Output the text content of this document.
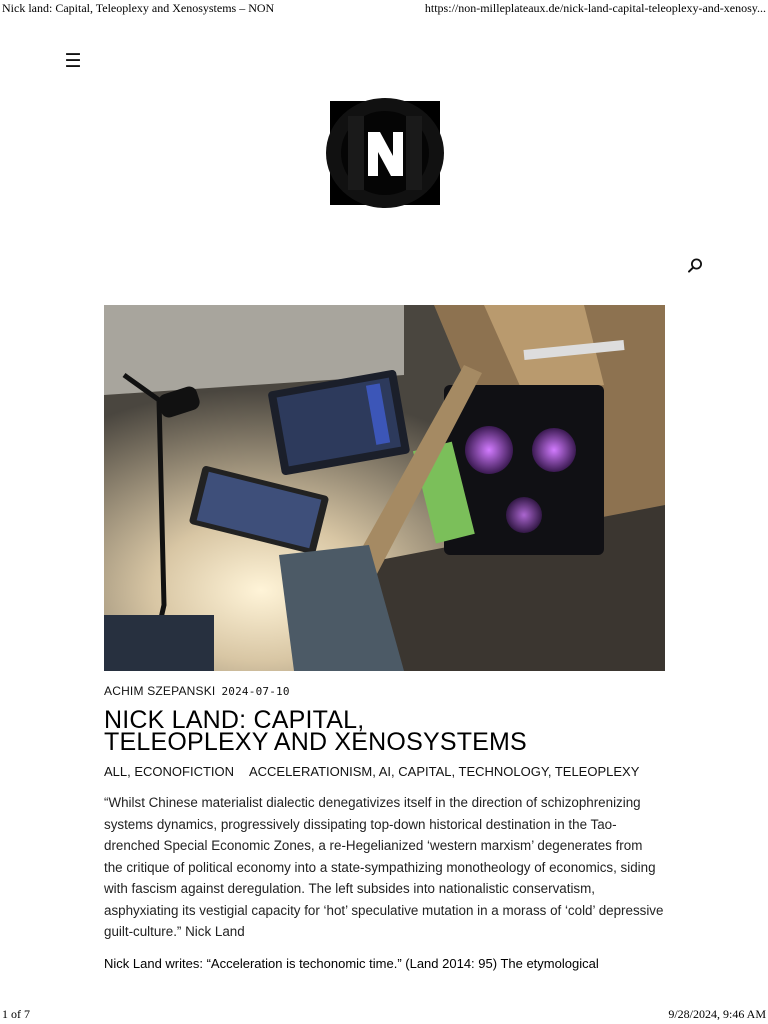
Nick land: Capital, Teleoplexy and Xenosystems – NON	https://non-milleplateaux.de/nick-land-capital-teleoplexy-and-xenosy...
☰
ACHIM SZEPANSKI 2024-07-10
NICK LAND: CAPITAL,
TELEOPLEXY AND XENOSYSTEMS
ALL, ECONOFICTION ACCELERATIONISM, AI, CAPITAL, TECHNOLOGY, TELEOPLEXY

“Whilst Chinese materialist dialectic denegativizes itself in the direction of schizophrenizing systems dynamics, progressively dissipating top-down historical destination in the Tao-drenched Special Economic Zones, a re-Hegelianized ‘western marxism’ degenerates from the critique of political economy into a state-sympathizing monotheology of economics, siding with fascism against deregulation. The left subsides into nationalistic conservatism, asphyxiating its vestigial capacity for ‘hot’ speculative mutation in a morass of ‘cold’ depressive guilt-culture.” Nick Land

Nick Land writes: “Acceleration is techonomic time.” (Land 2014: 95) The etymological

1 of 7	9/28/2024, 9:46 AM
